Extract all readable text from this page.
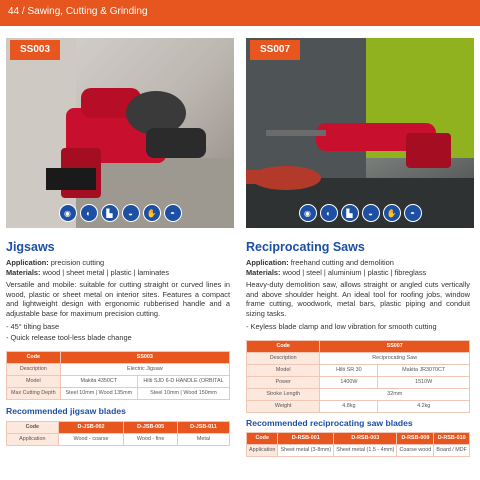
44 / Sawing, Cutting & Grinding
SS003
◉	◐	▙	◒	✋	◓
SS007
◉	◐	▙	◒	✋	◓
Jigsaws

Application: precision cutting

Materials: wood | sheet metal | plastic | laminates

Versatile and mobile: suitable for cutting straight or curved lines in wood, plastic or sheet metal on interior sites. Features a compact and lightweight design with ergonomic rubberised handle and a adjustable base for maximum precision cutting.

- 45° tilting base
- Quick release tool-less blade change
Code	SS003	
Description	Electric Jigsaw	
Model	Makita 4350CT	Hilti SJD 6-D HANDLE (ORBITAL
Max Cutting Depth	Steel 10mm | Wood 135mm	Steel 10mm | Wood 150mm
Recommended jigsaw blades
Code	D-JSB-002	D-JSB-005	D-JSB-011
Application	Wood - coarse	Wood - fine	Metal
Reciprocating Saws

Application: freehand cutting and demolition

Materials: wood | steel | aluminium | plastic | fibreglass

Heavy-duty demolition saw, allows straight or angled cuts vertically and above shoulder height. An ideal tool for roofing jobs, window frame cutting, woodwork, metal bars, plastic piping and conduit sizing tasks.

- Keyless blade clamp and low vibration for smooth cutting
Code	SS007	
Description	Reciprocating Saw	
Model	Hilti SR 30	Makita JR3070CT
Power	1400W	1510W
Stroke Length	32mm	
Weight	4.8kg	4.2kg
Recommended reciprocating saw blades
Code	D-RSB-001	D-RSB-003	D-RSB-009	D-RSB-010
Application	Sheet metal (3-8mm)	Sheet metal (1.5 - 4mm)	Coarse wood	Board / MDF
